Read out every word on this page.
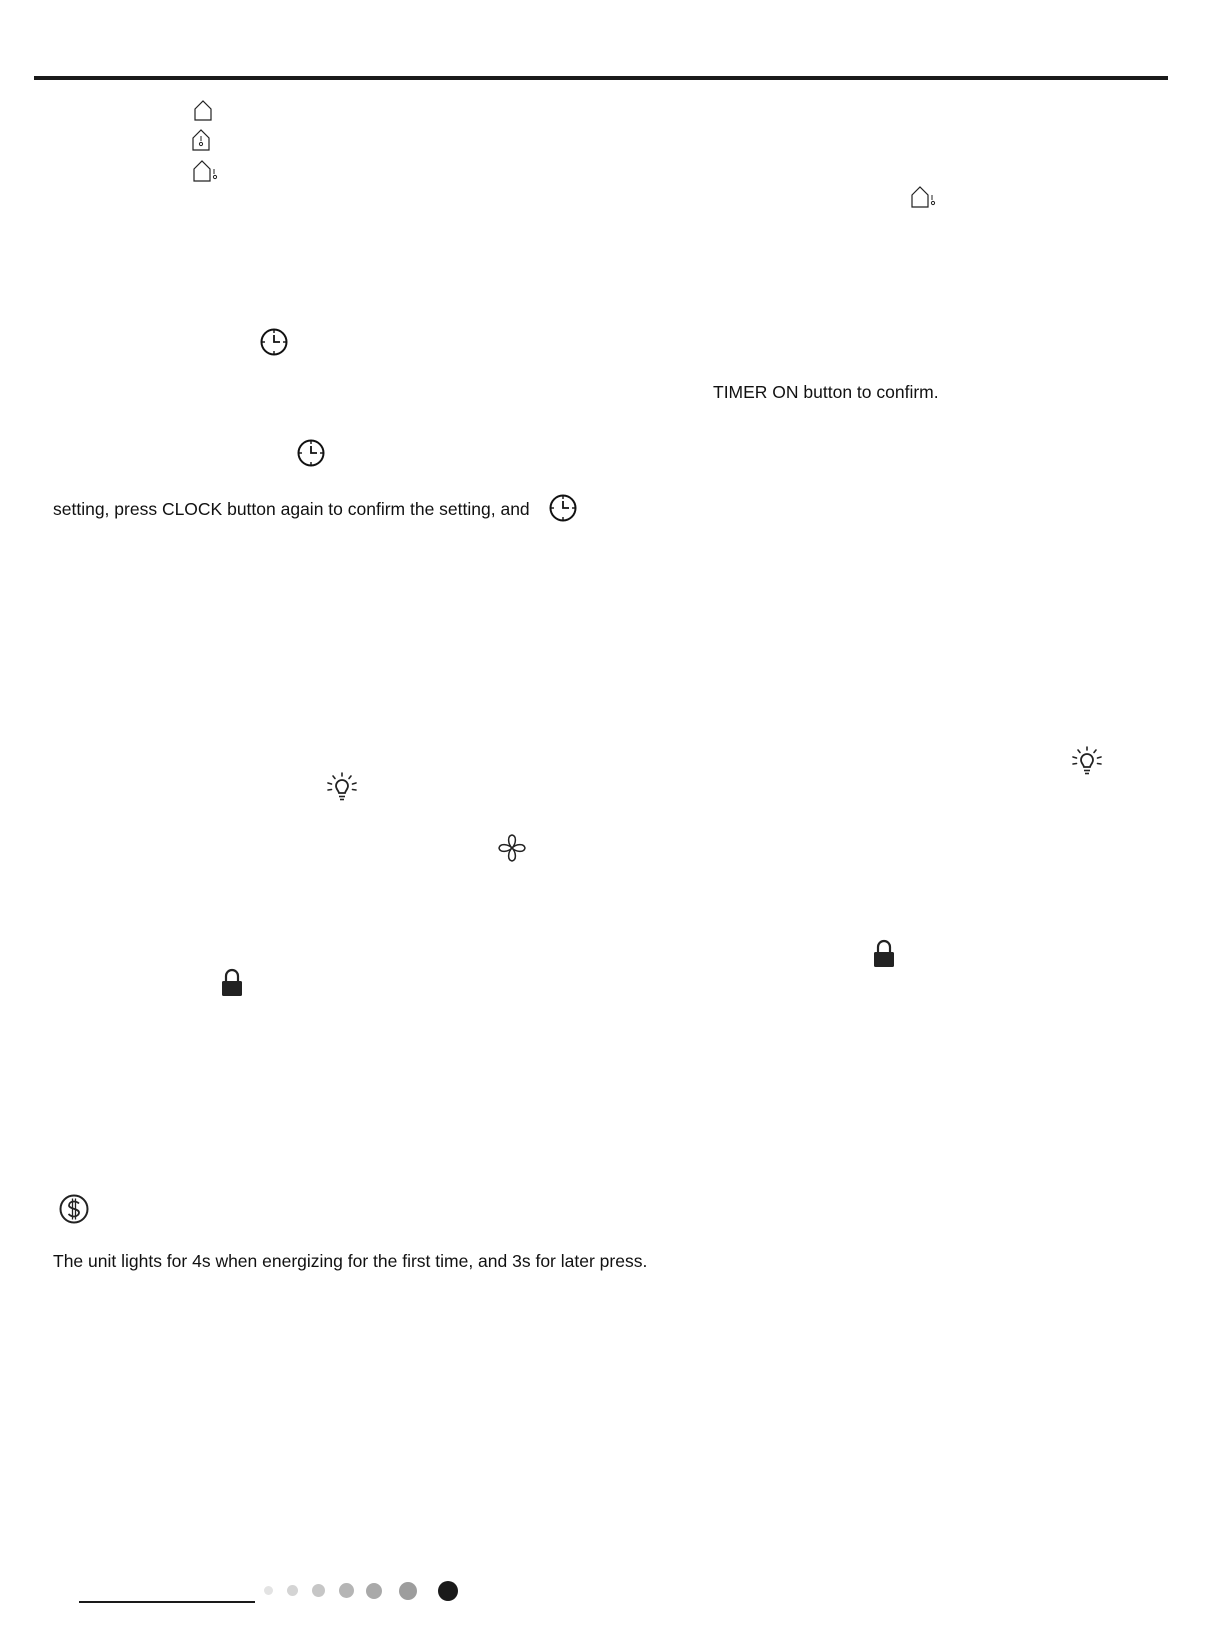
TIMER ON button to confirm.
setting, press CLOCK button again to confirm the setting, and
The unit lights for 4s when energizing for the first time, and 3s for later press.
